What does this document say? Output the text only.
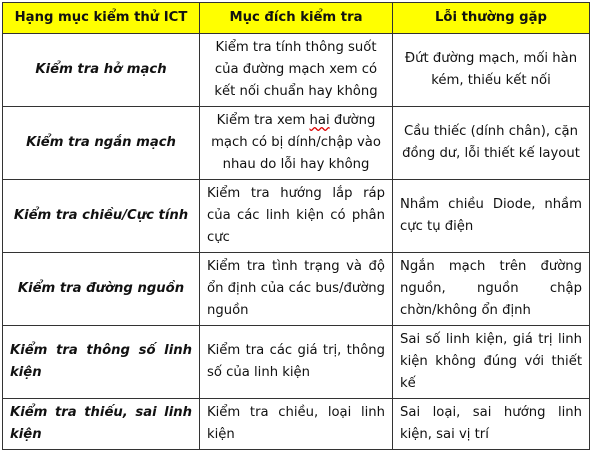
Hạng mục kiểm thử ICT	Mục đích kiểm tra	Lỗi thường gặp
Kiểm tra hở mạch	Kiểm tra tính thông suốt của đường mạch xem có kết nối chuẩn hay không	Đứt đường mạch, mối hàn kém, thiếu kết nối
Kiểm tra ngắn mạch	Kiểm tra xem hai đường mạch có bị dính/chập vào nhau do lỗi hay không	Cầu thiếc (dính chân), cặn đồng dư, lỗi thiết kế layout
Kiểm tra chiều/Cực tính	Kiểm tra hướng lắp ráp của các linh kiện có phân cực	Nhầm chiều Diode, nhầm cực tụ điện
Kiểm tra đường nguồn	Kiểm tra tình trạng và độ ổn định của các bus/đường nguồn	Ngắn mạch trên đường nguồn, nguồn chập chờn/không ổn định
Kiểm tra thông số linh kiện	Kiểm tra các giá trị, thông số của linh kiện	Sai số linh kiện, giá trị linh kiện không đúng với thiết kế
Kiểm tra thiếu, sai linh kiện	Kiểm tra chiều, loại linh kiện	Sai loại, sai hướng linh kiện, sai vị trí
